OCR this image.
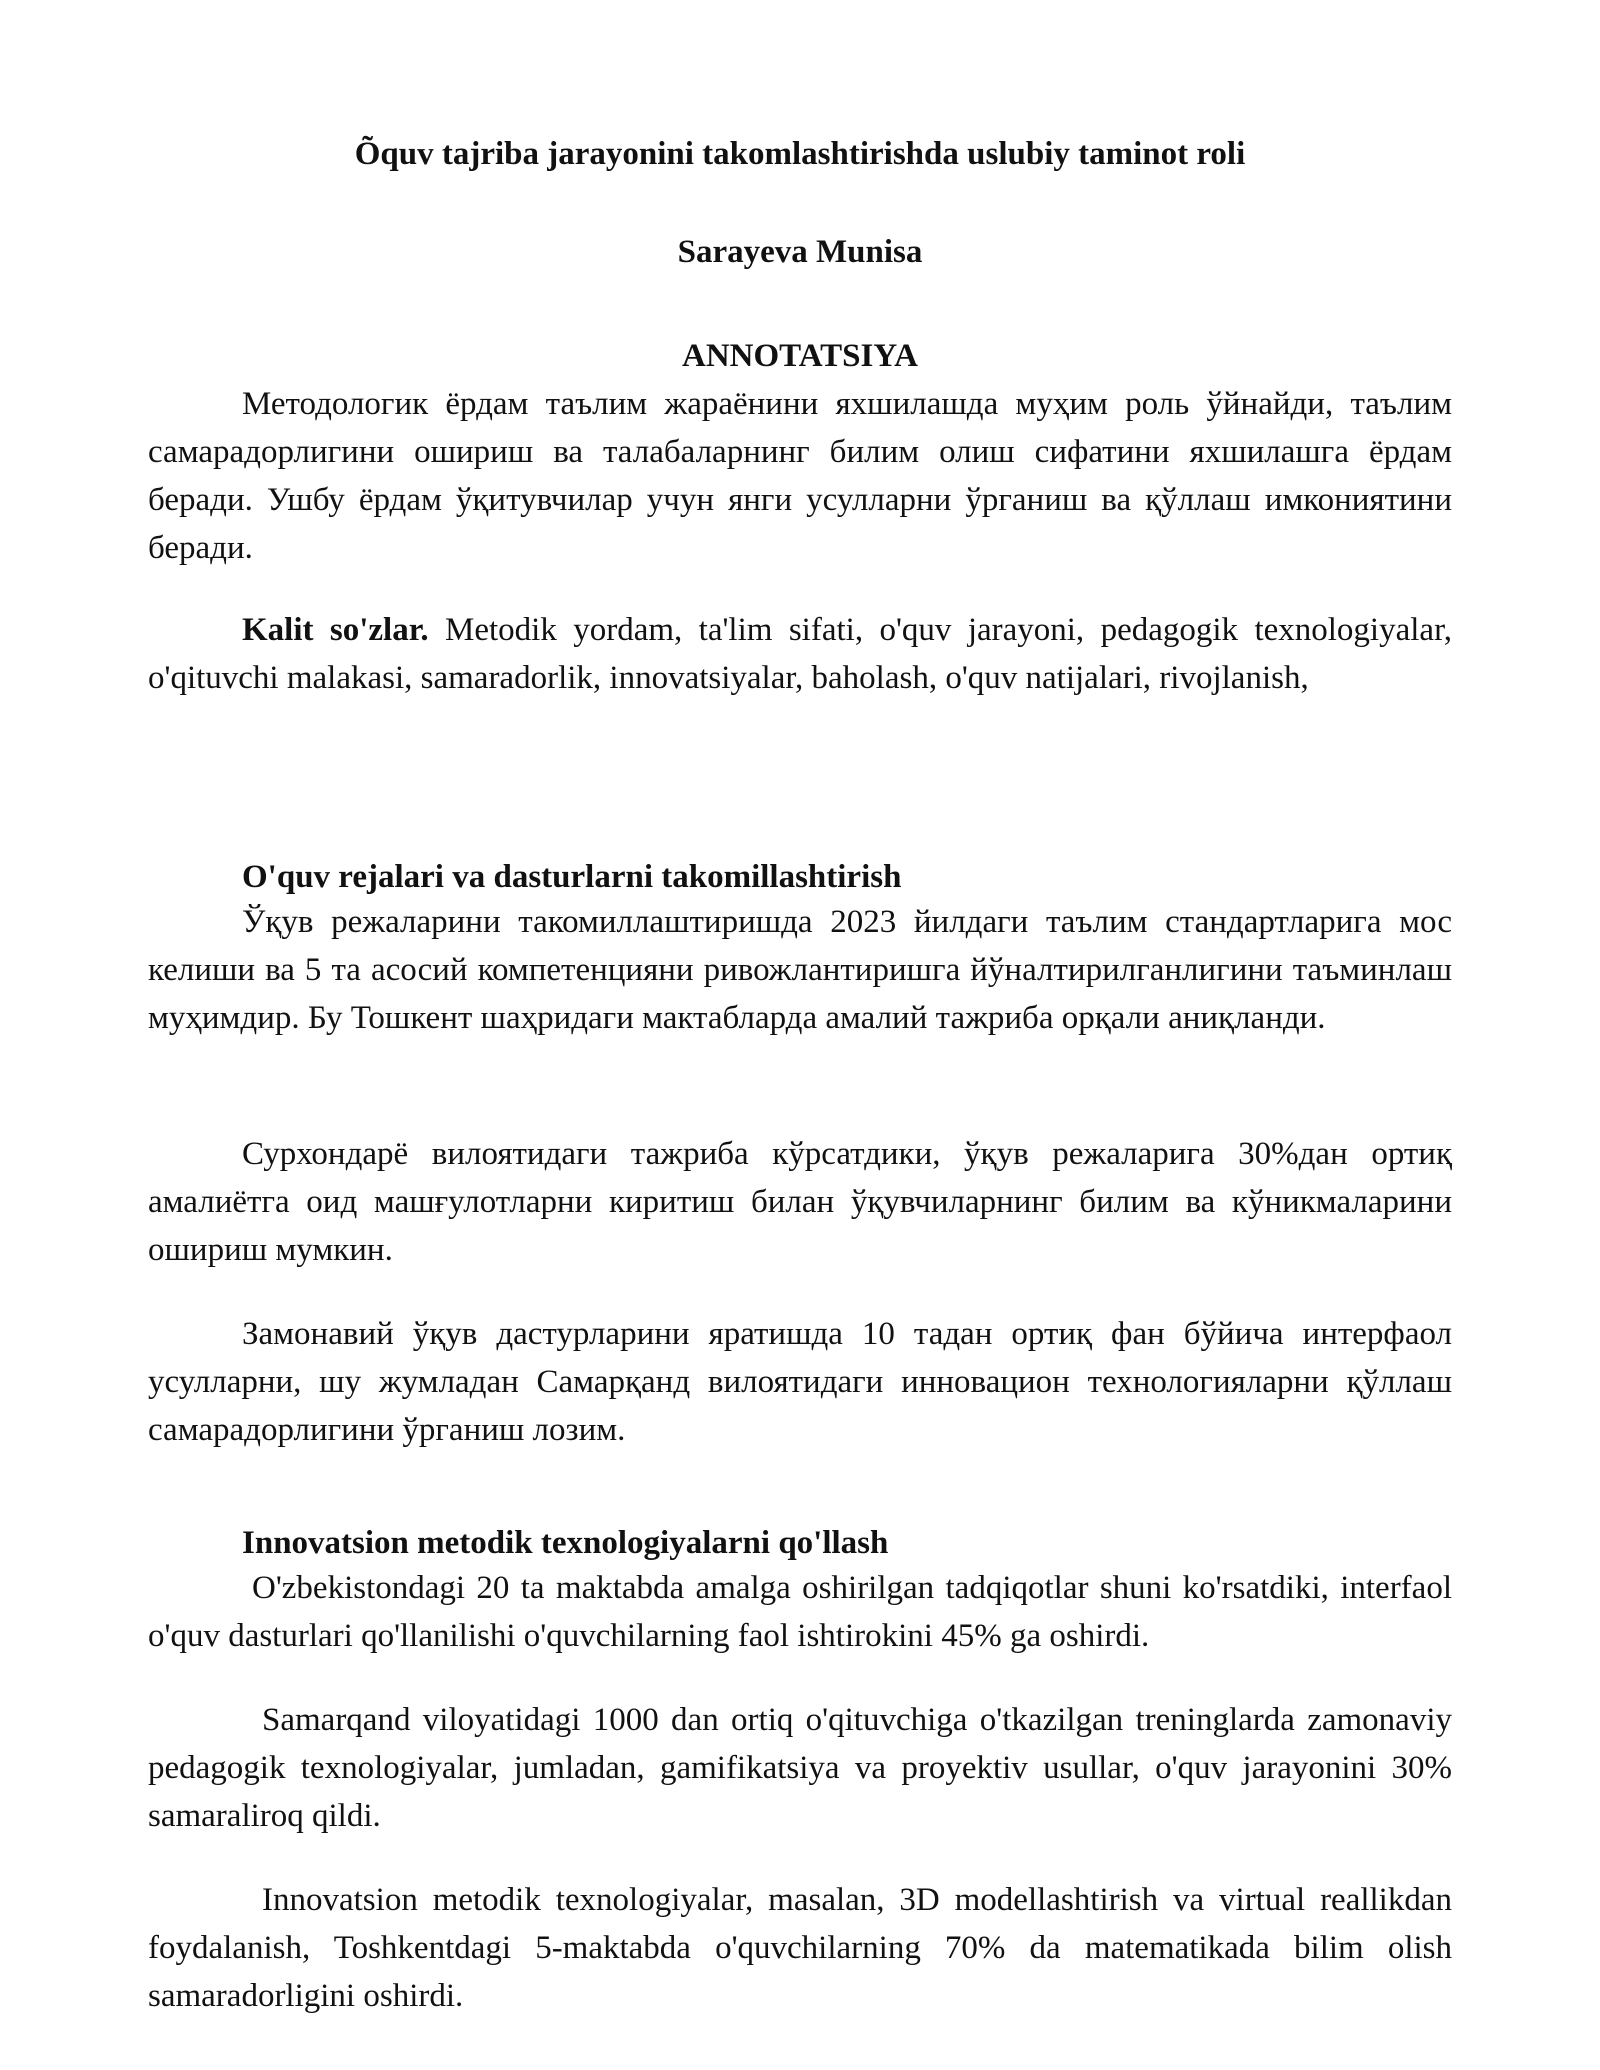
Õquv tajriba jarayonini takomlashtirishda uslubiy taminot roli
Sarayeva Munisa
ANNOTATSIYA

Методологик ёрдам таълим жараёнини яхшилашда муҳим роль ўйнайди, таълим самарадорлигини ошириш ва талабаларнинг билим олиш сифатини яхшилашга ёрдам беради. Ушбу ёрдам ўқитувчилар учун янги усулларни ўрганиш ва қўллаш имкониятини беради.

Kalit so'zlar. Metodik yordam, ta'lim sifati, o'quv jarayoni, pedagogik texnologiyalar, o'qituvchi malakasi, samaradorlik, innovatsiyalar, baholash, o'quv natijalari, rivojlanish,

O'quv rejalari va dasturlarni takomillashtirish

Ўқув режаларини такомиллаштиришда 2023 йилдаги таълим стандартларига мос келиши ва 5 та асосий компетенцияни ривожлантиришга йўналтирилганлигини таъминлаш муҳимдир. Бу Тошкент шаҳридаги мактабларда амалий тажриба орқали аниқланди.

Сурхондарё вилоятидаги тажриба кўрсатдики, ўқув режаларига 30%дан ортиқ амалиётга оид машғулотларни киритиш билан ўқувчиларнинг билим ва кўникмаларини ошириш мумкин.

Замонавий ўқув дастурларини яратишда 10 тадан ортиқ фан бўйича интерфаол усулларни, шу жумладан Самарқанд вилоятидаги инновацион технологияларни қўллаш самарадорлигини ўрганиш лозим.

Innovatsion metodik texnologiyalarni qo'llash

O'zbekistondagi 20 ta maktabda amalga oshirilgan tadqiqotlar shuni ko'rsatdiki, interfaol o'quv dasturlari qo'llanilishi o'quvchilarning faol ishtirokini 45% ga oshirdi.

Samarqand viloyatidagi 1000 dan ortiq o'qituvchiga o'tkazilgan treninglarda zamonaviy pedagogik texnologiyalar, jumladan, gamifikatsiya va proyektiv usullar, o'quv jarayonini 30% samaraliroq qildi.

Innovatsion metodik texnologiyalar, masalan, 3D modellashtirish va virtual reallikdan foydalanish, Toshkentdagi 5-maktabda o'quvchilarning 70% da matematikada bilim olish samaradorligini oshirdi.
